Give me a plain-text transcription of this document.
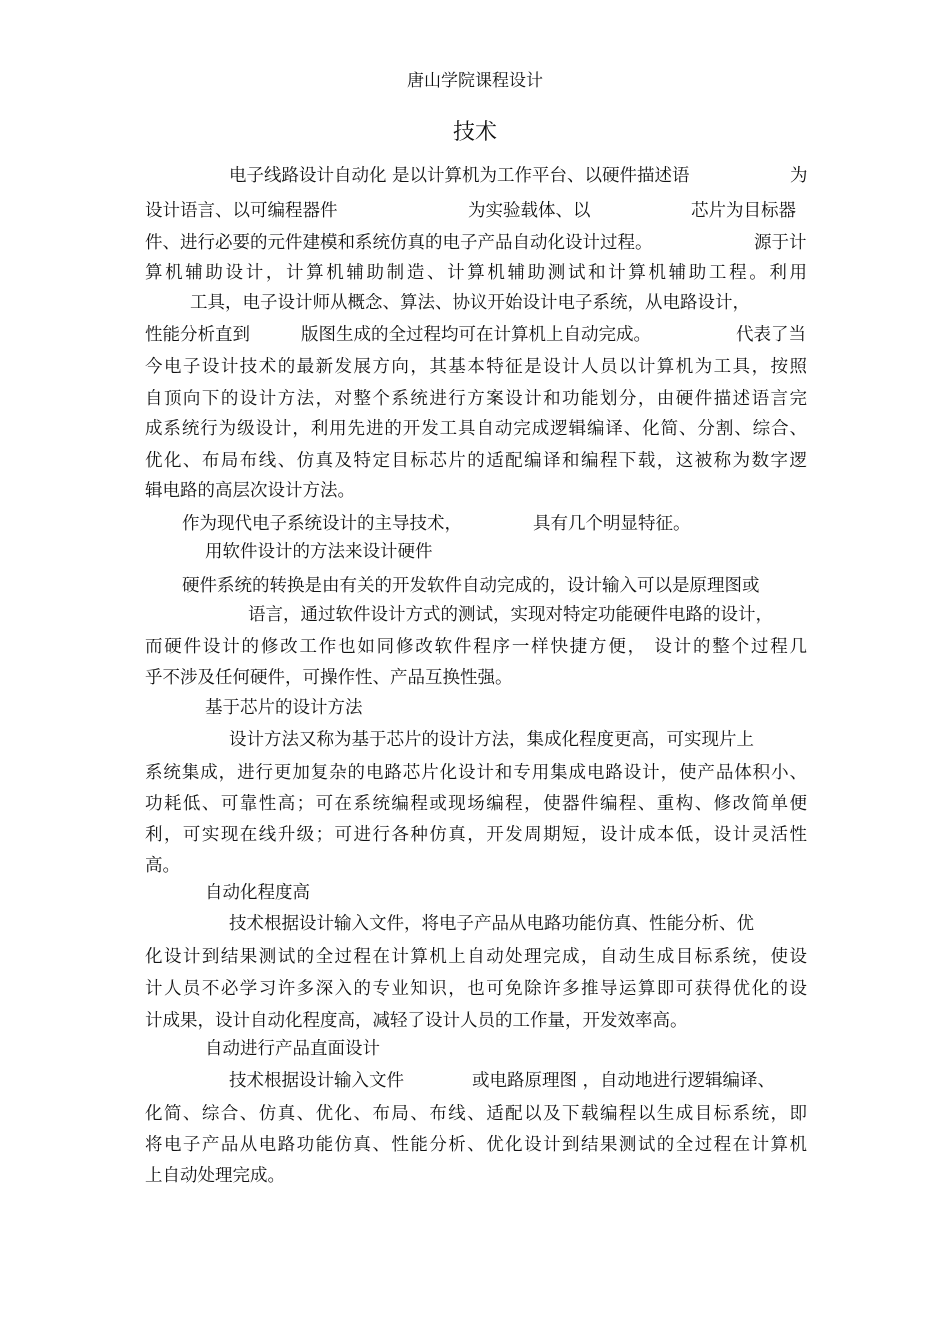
唐山学院课程设计
技术

电子线路设计自动化 是以计算机为工作平台、以硬件描述语	为

设计语言、以可编程器件	为实验载体、以	芯片为目标器

件、进行必要的元件建模和系统仿真的电子产品自动化设计过程。	源于计

算机辅助设计，计算机辅助制造、计算机辅助测试和计算机辅助工程。利用

工具，电子设计师从概念、算法、协议开始设计电子系统，从电路设计，

性能分析直到	版图生成的全过程均可在计算机上自动完成。	代表了当

今电子设计技术的最新发展方向，其基本特征是设计人员以计算机为工具，按照

自顶向下的设计方法，对整个系统进行方案设计和功能划分，由硬件描述语言完

成系统行为级设计，利用先进的开发工具自动完成逻辑编译、化简、分割、综合、

优化、布局布线、仿真及特定目标芯片的适配编译和编程下载，这被称为数字逻

辑电路的高层次设计方法。

作为现代电子系统设计的主导技术，	具有几个明显特征。

用软件设计的方法来设计硬件

硬件系统的转换是由有关的开发软件自动完成的，设计输入可以是原理图或

语言，通过软件设计方式的测试，实现对特定功能硬件电路的设计，

而硬件设计的修改工作也如同修改软件程序一样快捷方便， 设计的整个过程几

乎不涉及任何硬件，可操作性、产品互换性强。

基于芯片的设计方法

设计方法又称为基于芯片的设计方法，集成化程度更高，可实现片上

系统集成，进行更加复杂的电路芯片化设计和专用集成电路设计，使产品体积小、

功耗低、可靠性高；可在系统编程或现场编程，使器件编程、重构、修改简单便

利，可实现在线升级；可进行各种仿真，开发周期短，设计成本低，设计灵活性

高。

自动化程度高

技术根据设计输入文件，将电子产品从电路功能仿真、性能分析、优

化设计到结果测试的全过程在计算机上自动处理完成，自动生成目标系统，使设

计人员不必学习许多深入的专业知识，也可免除许多推导运算即可获得优化的设

计成果，设计自动化程度高，减轻了设计人员的工作量，开发效率高。

自动进行产品直面设计

技术根据设计输入文件	或电路原理图 ，自动地进行逻辑编译、

化简、综合、仿真、优化、布局、布线、适配以及下载编程以生成目标系统，即

将电子产品从电路功能仿真、性能分析、优化设计到结果测试的全过程在计算机

上自动处理完成。
